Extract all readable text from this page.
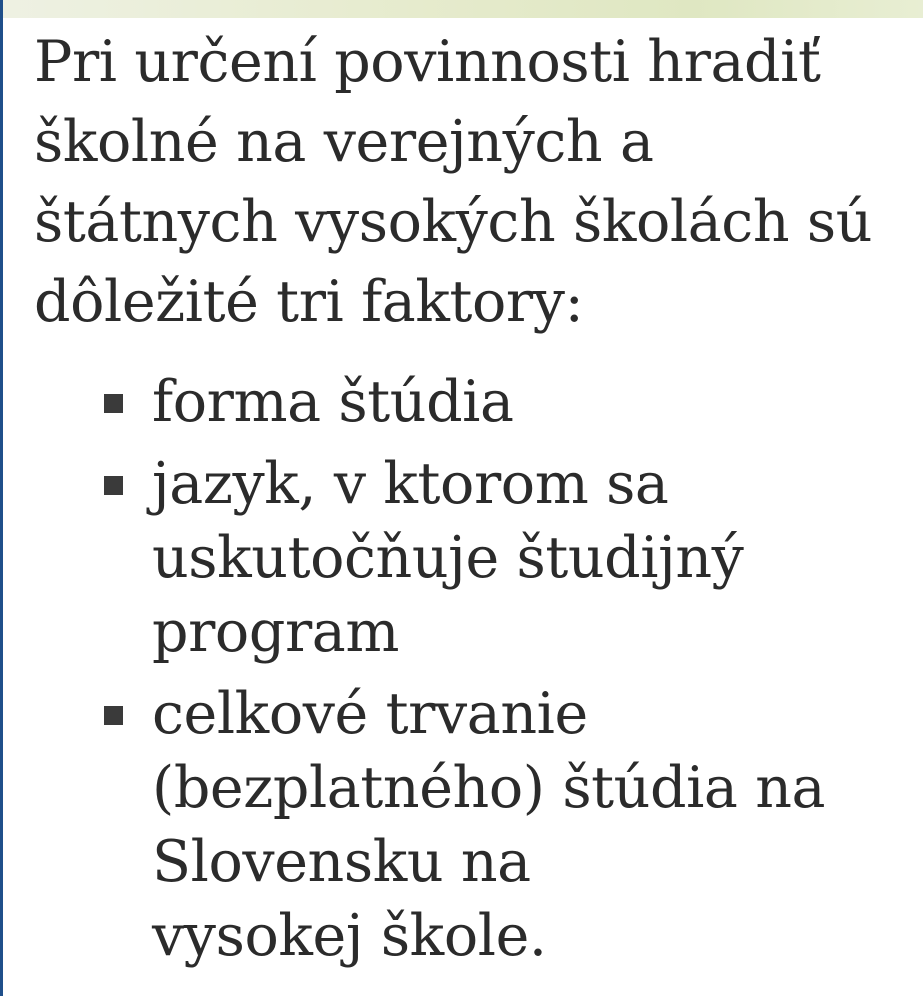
Pri určení povinnosti hradiť školné na verejných a štátnych vysokých školách sú dôležité tri faktory:

forma štúdia
jazyk, v ktorom sa
uskutočňuje študijný
program
celkové trvanie
(bezplatného) štúdia na
Slovensku na
vysokej škole.
